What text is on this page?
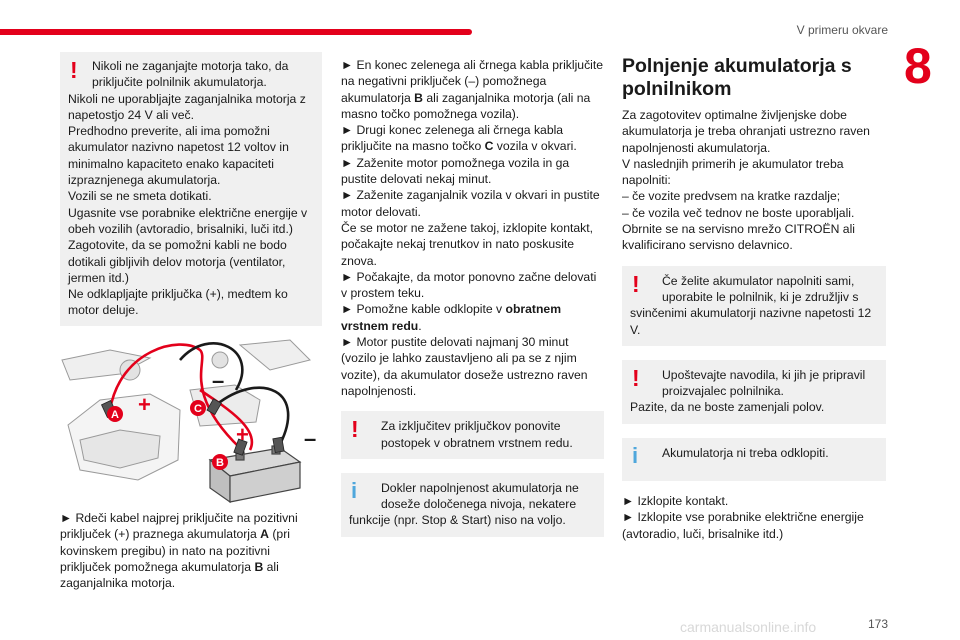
V primeru okvare
8
!	Nikoli ne zaganjajte motorja tako, da priključite polnilnik akumulatorja.

Nikoli ne uporabljajte zaganjalnika motorja z napetostjo 24 V ali več.

Predhodno preverite, ali ima pomožni akumulator nazivno napetost 12 voltov in minimalno kapaciteto enako kapaciteti izpraznjenega akumulatorja.

Vozili se ne smeta dotikati.

Ugasnite vse porabnike električne energije v obeh vozilih (avtoradio, brisalniki, luči itd.)

Zagotovite, da se pomožni kabli ne bodo dotikali gibljivih delov motorja (ventilator, jermen itd.)

Ne odklapljajte priključka (+), medtem ko motor deluje.

+
+
–
–
A	C
B
► Rdeči kabel najprej priključite na pozitivni priključek (+) praznega akumulatorja A (pri kovinskem pregibu) in nato na pozitivni priključek pomožnega akumulatorja B ali zaganjalnika motorja.

► En konec zelenega ali črnega kabla priključite na negativni priključek (–) pomožnega akumulatorja B ali zaganjalnika motorja (ali na masno točko pomožnega vozila).

► Drugi konec zelenega ali črnega kabla priključite na masno točko C vozila v okvari.

► Zaženite motor pomožnega vozila in ga pustite delovati nekaj minut.

► Zaženite zaganjalnik vozila v okvari in pustite motor delovati.

Če se motor ne zažene takoj, izklopite kontakt, počakajte nekaj trenutkov in nato poskusite znova.

► Počakajte, da motor ponovno začne delovati v prostem teku.

► Pomožne kable odklopite v obratnem vrstnem redu.

► Motor pustite delovati najmanj 30 minut (vozilo je lahko zaustavljeno ali pa se z njim vozite), da akumulator doseže ustrezno raven napolnjenosti.

!	Za izključitev priključkov ponovite postopek v obratnem vrstnem redu.

i	Dokler napolnjenost akumulatorja ne doseže določenega nivoja, nekatere

funkcije (npr. Stop & Start) niso na voljo.

Polnjenje akumulatorja s polnilnikom

Za zagotovitev optimalne življenjske dobe akumulatorja je treba ohranjati ustrezno raven napolnjenosti akumulatorja.

V naslednjih primerih je akumulator treba napolniti:

– če vozite predvsem na kratke razdalje;

– če vozila več tednov ne boste uporabljali.

Obrnite se na servisno mrežo CITROËN ali kvalificirano servisno delavnico.

!	Če želite akumulator napolniti sami, uporabite le polnilnik, ki je združljiv s

svinčenimi akumulatorji nazivne napetosti 12 V.

!	Upoštevajte navodila, ki jih je pripravil proizvajalec polnilnika.

Pazite, da ne boste zamenjali polov.

i	Akumulatorja ni treba odklopiti.

► Izklopite kontakt.

► Izklopite vse porabnike električne energije (avtoradio, luči, brisalnike itd.)

carmanualsonline.info	173
